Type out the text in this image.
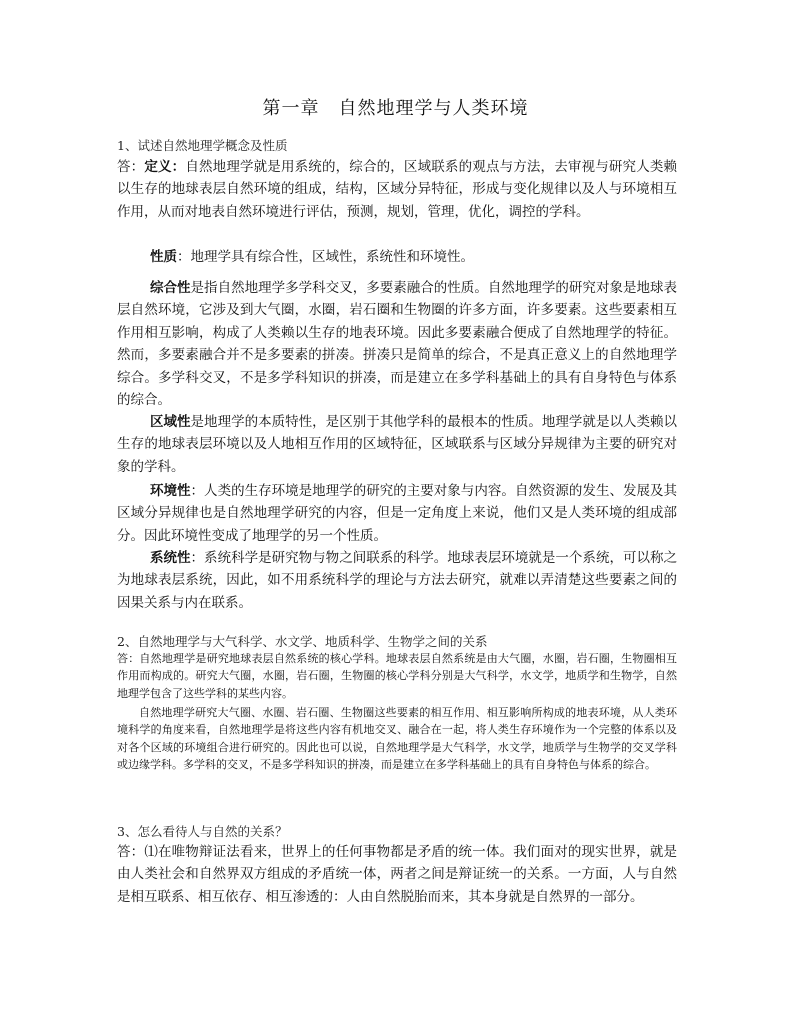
第一章　自然地理学与人类环境

1、试述自然地理学概念及性质

答：定义：自然地理学就是用系统的，综合的，区域联系的观点与方法，去审视与研究人类赖以生存的地球表层自然环境的组成，结构，区域分异特征，形成与变化规律以及人与环境相互作用，从而对地表自然环境进行评估，预测，规划，管理，优化，调控的学科。

性质：地理学具有综合性，区域性，系统性和环境性。

综合性是指自然地理学多学科交叉，多要素融合的性质。自然地理学的研究对象是地球表层自然环境，它涉及到大气圈，水圈，岩石圈和生物圈的许多方面，许多要素。这些要素相互作用相互影响，构成了人类赖以生存的地表环境。因此多要素融合便成了自然地理学的特征。然而，多要素融合并不是多要素的拼凑。拼凑只是简单的综合，不是真正意义上的自然地理学综合。多学科交叉，不是多学科知识的拼凑，而是建立在多学科基础上的具有自身特色与体系的综合。

区域性是地理学的本质特性，是区别于其他学科的最根本的性质。地理学就是以人类赖以生存的地球表层环境以及人地相互作用的区域特征，区域联系与区域分异规律为主要的研究对象的学科。

环境性：人类的生存环境是地理学的研究的主要对象与内容。自然资源的发生、发展及其区域分异规律也是自然地理学研究的内容，但是一定角度上来说，他们又是人类环境的组成部分。因此环境性变成了地理学的另一个性质。

系统性：系统科学是研究物与物之间联系的科学。地球表层环境就是一个系统，可以称之为地球表层系统，因此，如不用系统科学的理论与方法去研究，就难以弄清楚这些要素之间的因果关系与内在联系。

2、自然地理学与大气科学、水文学、地质科学、生物学之间的关系

答：自然地理学是研究地球表层自然系统的核心学科。地球表层自然系统是由大气圈，水圈，岩石圈，生物圈相互作用而构成的。研究大气圈，水圈，岩石圈，生物圈的核心学科分别是大气科学，水文学，地质学和生物学，自然地理学包含了这些学科的某些内容。

自然地理学研究大气圈、水圈、岩石圈、生物圈这些要素的相互作用、相互影响所构成的地表环境，从人类环境科学的角度来看，自然地理学是将这些内容有机地交叉、融合在一起，将人类生存环境作为一个完整的体系以及对各个区域的环境组合进行研究的。因此也可以说，自然地理学是大气科学，水文学，地质学与生物学的交叉学科或边缘学科。多学科的交叉，不是多学科知识的拼凑，而是建立在多学科基础上的具有自身特色与体系的综合。

3、怎么看待人与自然的关系？

答：⑴在唯物辩证法看来，世界上的任何事物都是矛盾的统一体。我们面对的现实世界，就是由人类社会和自然界双方组成的矛盾统一体，两者之间是辩证统一的关系。一方面，人与自然是相互联系、相互依存、相互渗透的：人由自然脱胎而来，其本身就是自然界的一部分。
